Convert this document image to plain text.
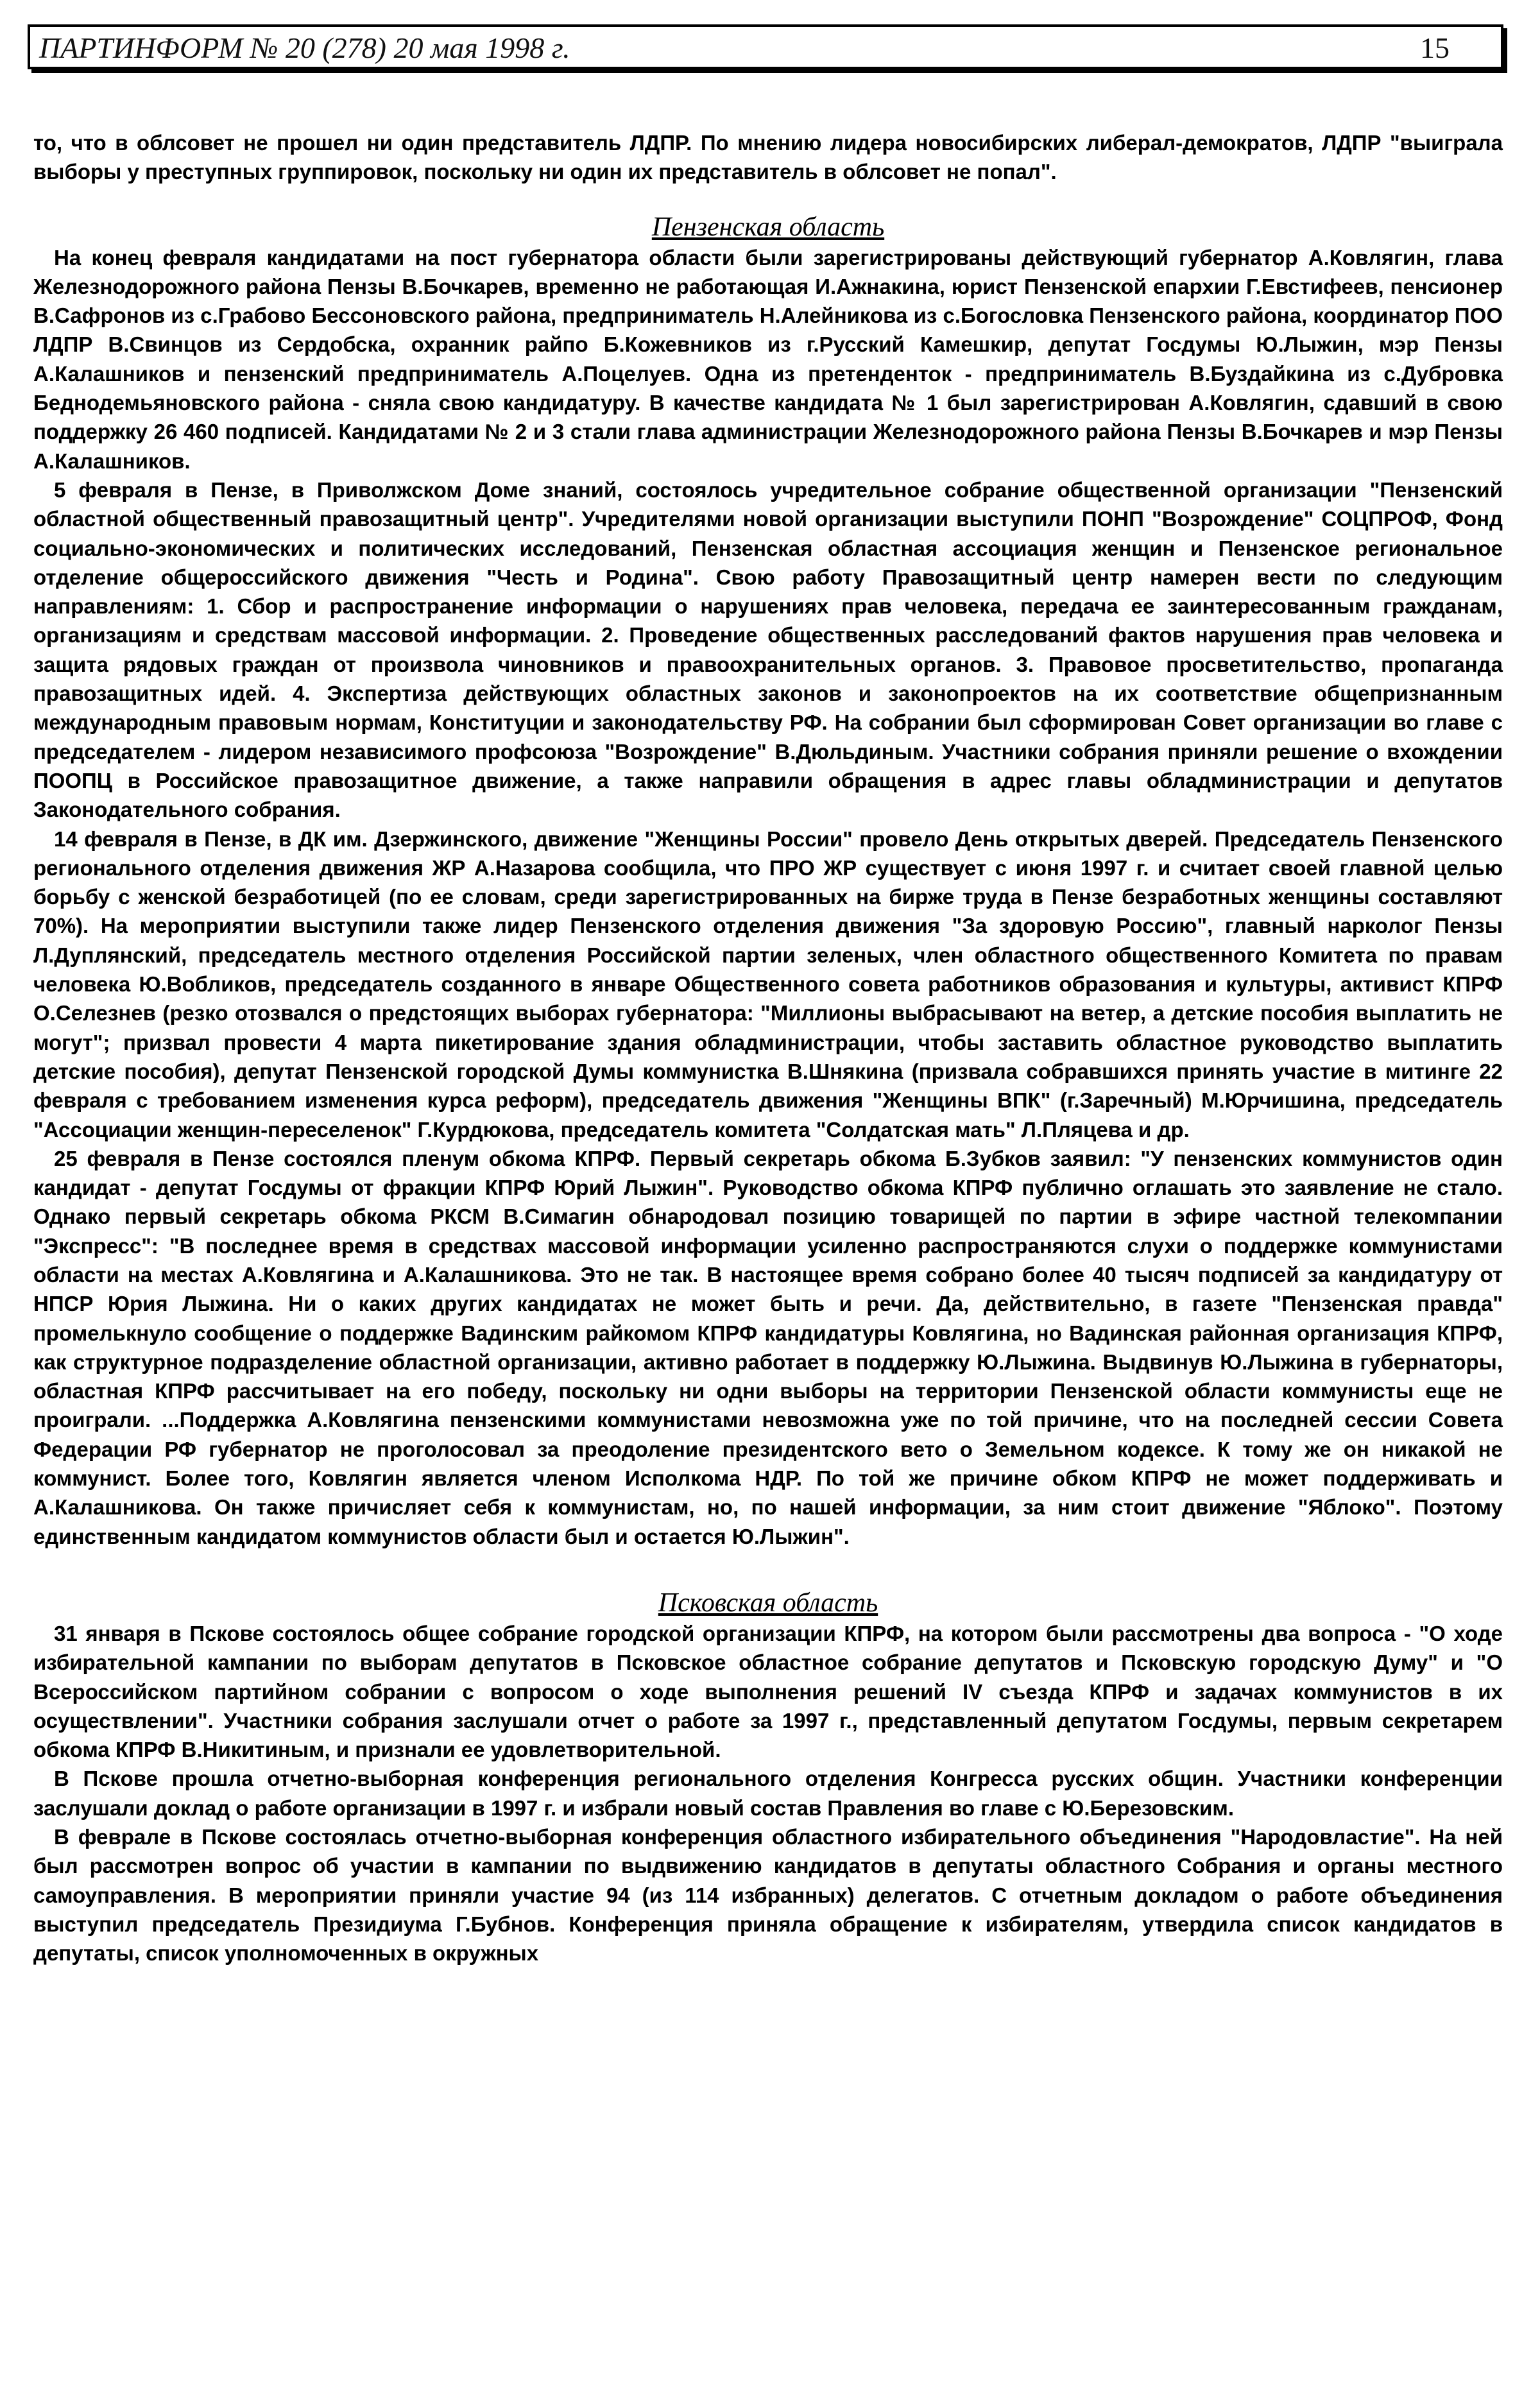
ПАРТИНФОРМ № 20 (278) 20 мая 1998 г.	15

то, что в облсовет не прошел ни один представитель ЛДПР. По мнению лидера новосибирских либерал-демократов, ЛДПР "выиграла выборы у преступных группировок, поскольку ни один их представитель в облсовет не попал".

Пензенская область

На конец февраля кандидатами на пост губернатора области были зарегистрированы действующий губернатор А.Ковлягин, глава Железнодорожного района Пензы В.Бочкарев, временно не работающая И.Ажнакина, юрист Пензенской епархии Г.Евстифеев, пенсионер В.Сафронов из с.Грабово Бессоновского района, предприниматель Н.Алейникова из с.Богословка Пензенского района, координатор ПОО ЛДПР В.Свинцов из Сердобска, охранник райпо Б.Кожевников из г.Русский Камешкир, депутат Госдумы Ю.Лыжин, мэр Пензы А.Калашников и пензенский предприниматель А.Поцелуев. Одна из претенденток - предприниматель В.Буздайкина из с.Дубровка Беднодемьяновского района - сняла свою кандидатуру. В качестве кандидата № 1 был зарегистрирован А.Ковлягин, сдавший в свою поддержку 26 460 подписей. Кандидатами № 2 и 3 стали глава администрации Железнодорожного района Пензы В.Бочкарев и мэр Пензы А.Калашников.

5 февраля в Пензе, в Приволжском Доме знаний, состоялось учредительное собрание общественной организации "Пензенский областной общественный правозащитный центр". Учредителями новой организации выступили ПОНП "Возрождение" СОЦПРОФ, Фонд социально-экономических и политических исследований, Пензенская областная ассоциация женщин и Пензенское региональное отделение общероссийского движения "Честь и Родина". Свою работу Правозащитный центр намерен вести по следующим направлениям: 1. Сбор и распространение информации о нарушениях прав человека, передача ее заинтересованным гражданам, организациям и средствам массовой информации. 2. Проведение общественных расследований фактов нарушения прав человека и защита рядовых граждан от произвола чиновников и правоохранительных органов. 3. Правовое просветительство, пропаганда правозащитных идей. 4. Экспертиза действующих областных законов и законопроектов на их соответствие общепризнанным международным правовым нормам, Конституции и законодательству РФ. На собрании был сформирован Совет организации во главе с председателем - лидером независимого профсоюза "Возрождение" В.Дюльдиным. Участники собрания приняли решение о вхождении ПООПЦ в Российское правозащитное движение, а также направили обращения в адрес главы обладминистрации и депутатов Законодательного собрания.

14 февраля в Пензе, в ДК им. Дзержинского, движение "Женщины России" провело День открытых дверей. Председатель Пензенского регионального отделения движения ЖР А.Назарова сообщила, что ПРО ЖР существует с июня 1997 г. и считает своей главной целью борьбу с женской безработицей (по ее словам, среди зарегистрированных на бирже труда в Пензе безработных женщины составляют 70%). На мероприятии выступили также лидер Пензенского отделения движения "За здоровую Россию", главный нарколог Пензы Л.Дуплянский, председатель местного отделения Российской партии зеленых, член областного общественного Комитета по правам человека Ю.Вобликов, председатель созданного в январе Общественного совета работников образования и культуры, активист КПРФ О.Селезнев (резко отозвался о предстоящих выборах губернатора: "Миллионы выбрасывают на ветер, а детские пособия выплатить не могут"; призвал провести 4 марта пикетирование здания обладминистрации, чтобы заставить областное руководство выплатить детские пособия), депутат Пензенской городской Думы коммунистка В.Шнякина (призвала собравшихся принять участие в митинге 22 февраля с требованием изменения курса реформ), председатель движения "Женщины ВПК" (г.Заречный) М.Юрчишина, председатель "Ассоциации женщин-переселенок" Г.Курдюкова, председатель комитета "Солдатская мать" Л.Пляцева и др.

25 февраля в Пензе состоялся пленум обкома КПРФ. Первый секретарь обкома Б.Зубков заявил: "У пензенских коммунистов один кандидат - депутат Госдумы от фракции КПРФ Юрий Лыжин". Руководство обкома КПРФ публично оглашать это заявление не стало. Однако первый секретарь обкома РКСМ В.Симагин обнародовал позицию товарищей по партии в эфире частной телекомпании "Экспресс": "В последнее время в средствах массовой информации усиленно распространяются слухи о поддержке коммунистами области на местах А.Ковлягина и А.Калашникова. Это не так. В настоящее время собрано более 40 тысяч подписей за кандидатуру от НПСР Юрия Лыжина. Ни о каких других кандидатах не может быть и речи. Да, действительно, в газете "Пензенская правда" промелькнуло сообщение о поддержке Вадинским райкомом КПРФ кандидатуры Ковлягина, но Вадинская районная организация КПРФ, как структурное подразделение областной организации, активно работает в поддержку Ю.Лыжина. Выдвинув Ю.Лыжина в губернаторы, областная КПРФ рассчитывает на его победу, поскольку ни одни выборы на территории Пензенской области коммунисты еще не проиграли. ...Поддержка А.Ковлягина пензенскими коммунистами невозможна уже по той причине, что на последней сессии Совета Федерации РФ губернатор не проголосовал за преодоление президентского вето о Земельном кодексе. К тому же он никакой не коммунист. Более того, Ковлягин является членом Исполкома НДР. По той же причине обком КПРФ не может поддерживать и А.Калашникова. Он также причисляет себя к коммунистам, но, по нашей информации, за ним стоит движение "Яблоко". Поэтому единственным кандидатом коммунистов области был и остается Ю.Лыжин".

Псковская область

31 января в Пскове состоялось общее собрание городской организации КПРФ, на котором были рассмотрены два вопроса - "О ходе избирательной кампании по выборам депутатов в Псковское областное собрание депутатов и Псковскую городскую Думу" и "О Всероссийском партийном собрании с вопросом о ходе выполнения решений IV съезда КПРФ и задачах коммунистов в их осуществлении". Участники собрания заслушали отчет о работе за 1997 г., представленный депутатом Госдумы, первым секретарем обкома КПРФ В.Никитиным, и признали ее удовлетворительной.

В Пскове прошла отчетно-выборная конференция регионального отделения Конгресса русских общин. Участники конференции заслушали доклад о работе организации в 1997 г. и избрали новый состав Правления во главе с Ю.Березовским.

В феврале в Пскове состоялась отчетно-выборная конференция областного избирательного объединения "Народовластие". На ней был рассмотрен вопрос об участии в кампании по выдвижению кандидатов в депутаты областного Собрания и органы местного самоуправления. В мероприятии приняли участие 94 (из 114 избранных) делегатов. С отчетным докладом о работе объединения выступил председатель Президиума Г.Бубнов. Конференция приняла обращение к избирателям, утвердила список кандидатов в депутаты, список уполномоченных в окружных
